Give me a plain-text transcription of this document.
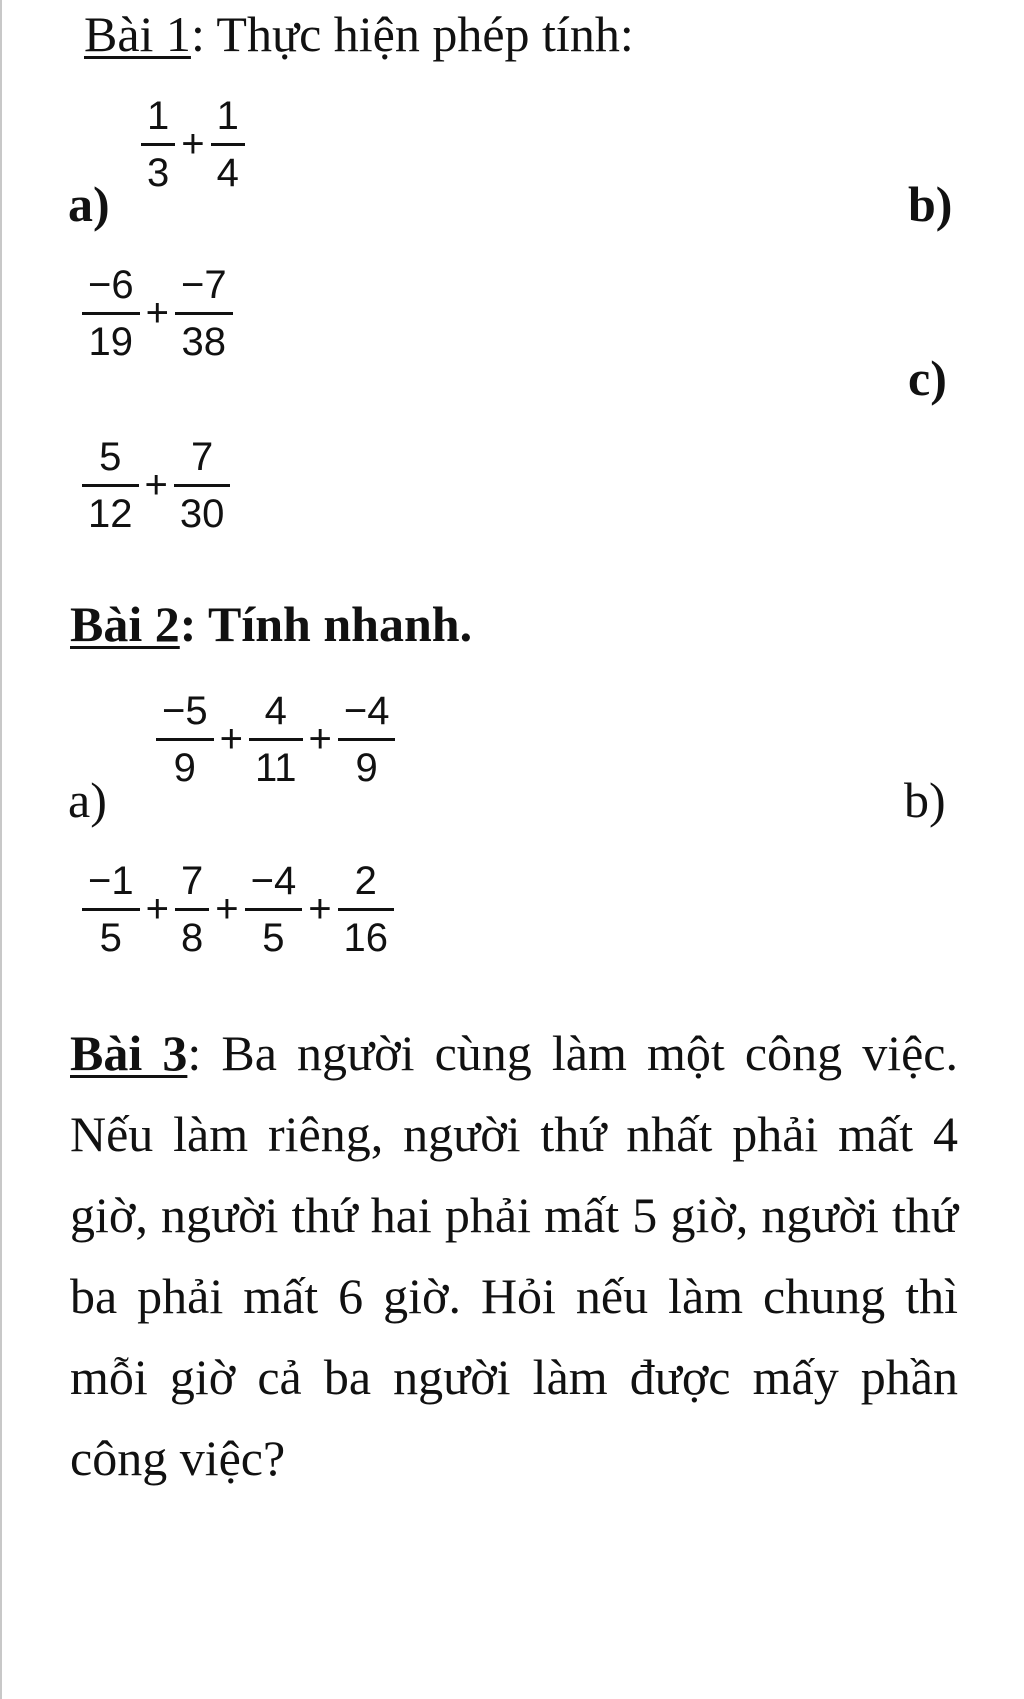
Bài 1: Thực hiện phép tính:
a)
$\frac{1}{3} + \frac{1}{4}$
b)
$\frac{-6}{19} + \frac{-7}{38}$
c)
$\frac{5}{12} + \frac{7}{30}$
Bài 2: Tính nhanh.
a)
$\frac{-5}{9} + \frac{4}{11} + \frac{-4}{9}$
b)
$\frac{-1}{5} + \frac{7}{8} + \frac{-4}{5} + \frac{2}{16}$
Bài 3: Ba người cùng làm một công việc. Nếu làm riêng, người thứ nhất phải mất 4 giờ, người thứ hai phải mất 5 giờ, người thứ ba phải mất 6 giờ. Hỏi nếu làm chung thì mỗi giờ cả ba người làm được mấy phần công việc?
